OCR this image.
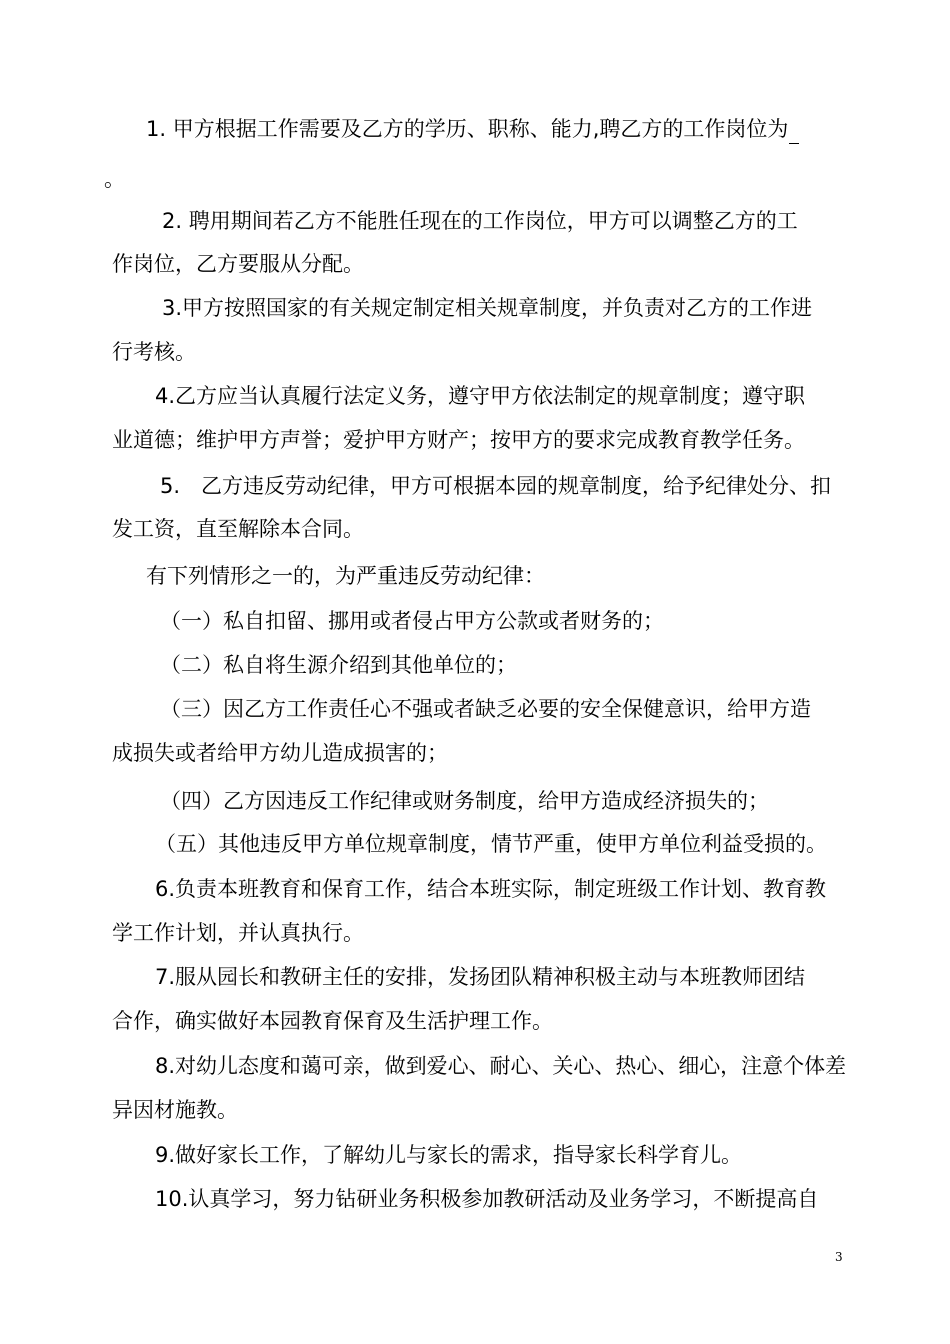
1. 甲方根据工作需要及乙方的学历、职称、能力,聘乙方的工作岗位为
。
2. 聘用期间若乙方不能胜任现在的工作岗位，甲方可以调整乙方的工
作岗位，乙方要服从分配。
3.甲方按照国家的有关规定制定相关规章制度，并负责对乙方的工作进
行考核。
4.乙方应当认真履行法定义务，遵守甲方依法制定的规章制度；遵守职
业道德；维护甲方声誉；爱护甲方财产；按甲方的要求完成教育教学任务。
5.　乙方违反劳动纪律，甲方可根据本园的规章制度，给予纪律处分、扣
发工资，直至解除本合同。
有下列情形之一的，为严重违反劳动纪律：
（一）私自扣留、挪用或者侵占甲方公款或者财务的；
（二）私自将生源介绍到其他单位的；
（三）因乙方工作责任心不强或者缺乏必要的安全保健意识，给甲方造
成损失或者给甲方幼儿造成损害的；
（四）乙方因违反工作纪律或财务制度，给甲方造成经济损失的；
（五）其他违反甲方单位规章制度，情节严重，使甲方单位利益受损的。
6.负责本班教育和保育工作，结合本班实际，制定班级工作计划、教育教
学工作计划，并认真执行。
7.服从园长和教研主任的安排，发扬团队精神积极主动与本班教师团结
合作，确实做好本园教育保育及生活护理工作。
8.对幼儿态度和蔼可亲，做到爱心、耐心、关心、热心、细心，注意个体差
异因材施教。
9.做好家长工作，了解幼儿与家长的需求，指导家长科学育儿。
10.认真学习，努力钻研业务积极参加教研活动及业务学习，不断提高自
3
